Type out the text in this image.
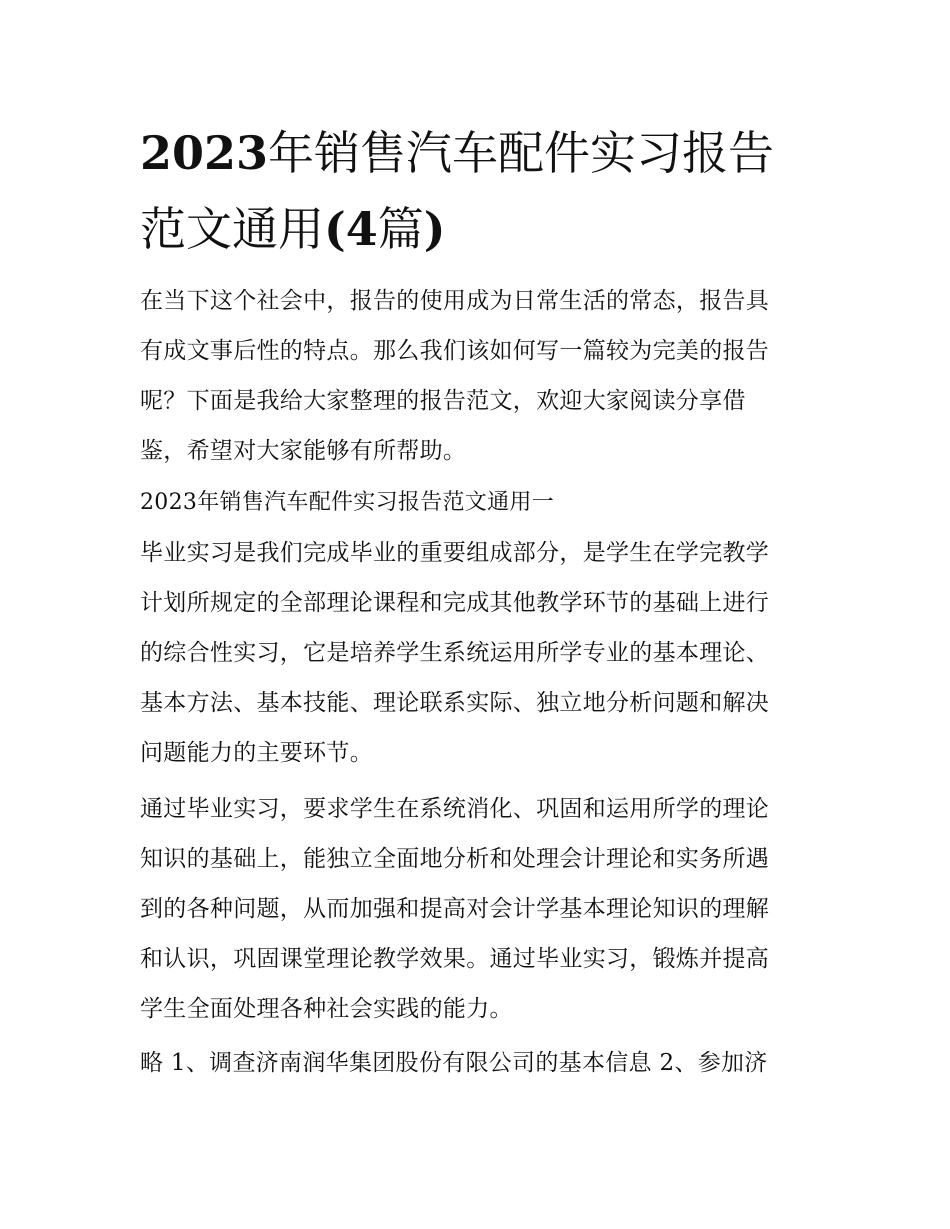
2023年销售汽车配件实习报告
范文通用(4篇)

在当下这个社会中，报告的使用成为日常生活的常态，报告具
有成文事后性的特点。那么我们该如何写一篇较为完美的报告
呢？下面是我给大家整理的报告范文，欢迎大家阅读分享借
鉴，希望对大家能够有所帮助。

2023年销售汽车配件实习报告范文通用一

毕业实习是我们完成毕业的重要组成部分，是学生在学完教学
计划所规定的全部理论课程和完成其他教学环节的基础上进行
的综合性实习，它是培养学生系统运用所学专业的基本理论、
基本方法、基本技能、理论联系实际、独立地分析问题和解决
问题能力的主要环节。

通过毕业实习，要求学生在系统消化、巩固和运用所学的理论
知识的基础上，能独立全面地分析和处理会计理论和实务所遇
到的各种问题，从而加强和提高对会计学基本理论知识的理解
和认识，巩固课堂理论教学效果。通过毕业实习，锻炼并提高
学生全面处理各种社会实践的能力。

略 1、调查济南润华集团股份有限公司的基本信息 2、参加济
